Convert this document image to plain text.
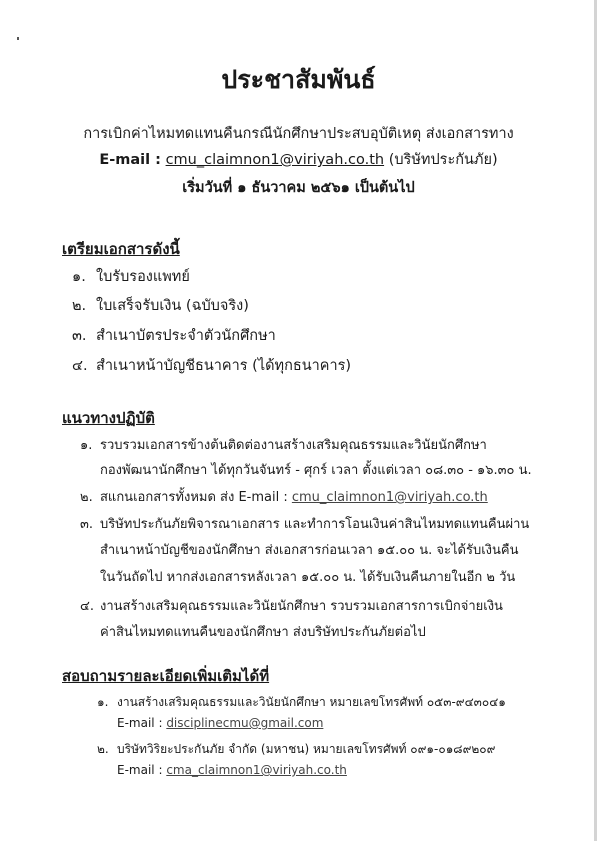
ประชาสัมพันธ์
การเบิกค่าไหมทดแทนคืนกรณีนักศึกษาประสบอุบัติเหตุ ส่งเอกสารทาง
E-mail : cmu_claimnon1@viriyah.co.th (บริษัทประกันภัย)
เริ่มวันที่ ๑ ธันวาคม ๒๕๖๑ เป็นต้นไป
เตรียมเอกสารดังนี้
๑. ใบรับรองแพทย์
๒. ใบเสร็จรับเงิน (ฉบับจริง)
๓. สำเนาบัตรประจำตัวนักศึกษา
๔. สำเนาหน้าบัญชีธนาคาร (ได้ทุกธนาคาร)
แนวทางปฏิบัติ
๑. รวบรวมเอกสารข้างต้นติดต่องานสร้างเสริมคุณธรรมและวินัยนักศึกษา
กองพัฒนานักศึกษา ได้ทุกวันจันทร์ - ศุกร์ เวลา ตั้งแต่เวลา ๐๘.๓๐ - ๑๖.๓๐ น.
๒. สแกนเอกสารทั้งหมด ส่ง E-mail : cmu_claimnon1@viriyah.co.th
๓. บริษัทประกันภัยพิจารณาเอกสาร และทำการโอนเงินค่าสินไหมทดแทนคืนผ่าน
สำเนาหน้าบัญชีของนักศึกษา ส่งเอกสารก่อนเวลา ๑๕.๐๐ น. จะได้รับเงินคืน
ในวันถัดไป หากส่งเอกสารหลังเวลา ๑๕.๐๐ น. ได้รับเงินคืนภายในอีก ๒ วัน
๔. งานสร้างเสริมคุณธรรมและวินัยนักศึกษา รวบรวมเอกสารการเบิกจ่ายเงิน
ค่าสินไหมทดแทนคืนของนักศึกษา ส่งบริษัทประกันภัยต่อไป
สอบถามรายละเอียดเพิ่มเติมได้ที่
๑. งานสร้างเสริมคุณธรรมและวินัยนักศึกษา หมายเลขโทรศัพท์ ๐๕๓-๙๔๓๐๔๑
E-mail : disciplinecmu@gmail.com
๒. บริษัทวิริยะประกันภัย จำกัด (มหาชน) หมายเลขโทรศัพท์ ๐๙๑-๐๑๘๙๒๐๙
E-mail : cma_claimnon1@viriyah.co.th
